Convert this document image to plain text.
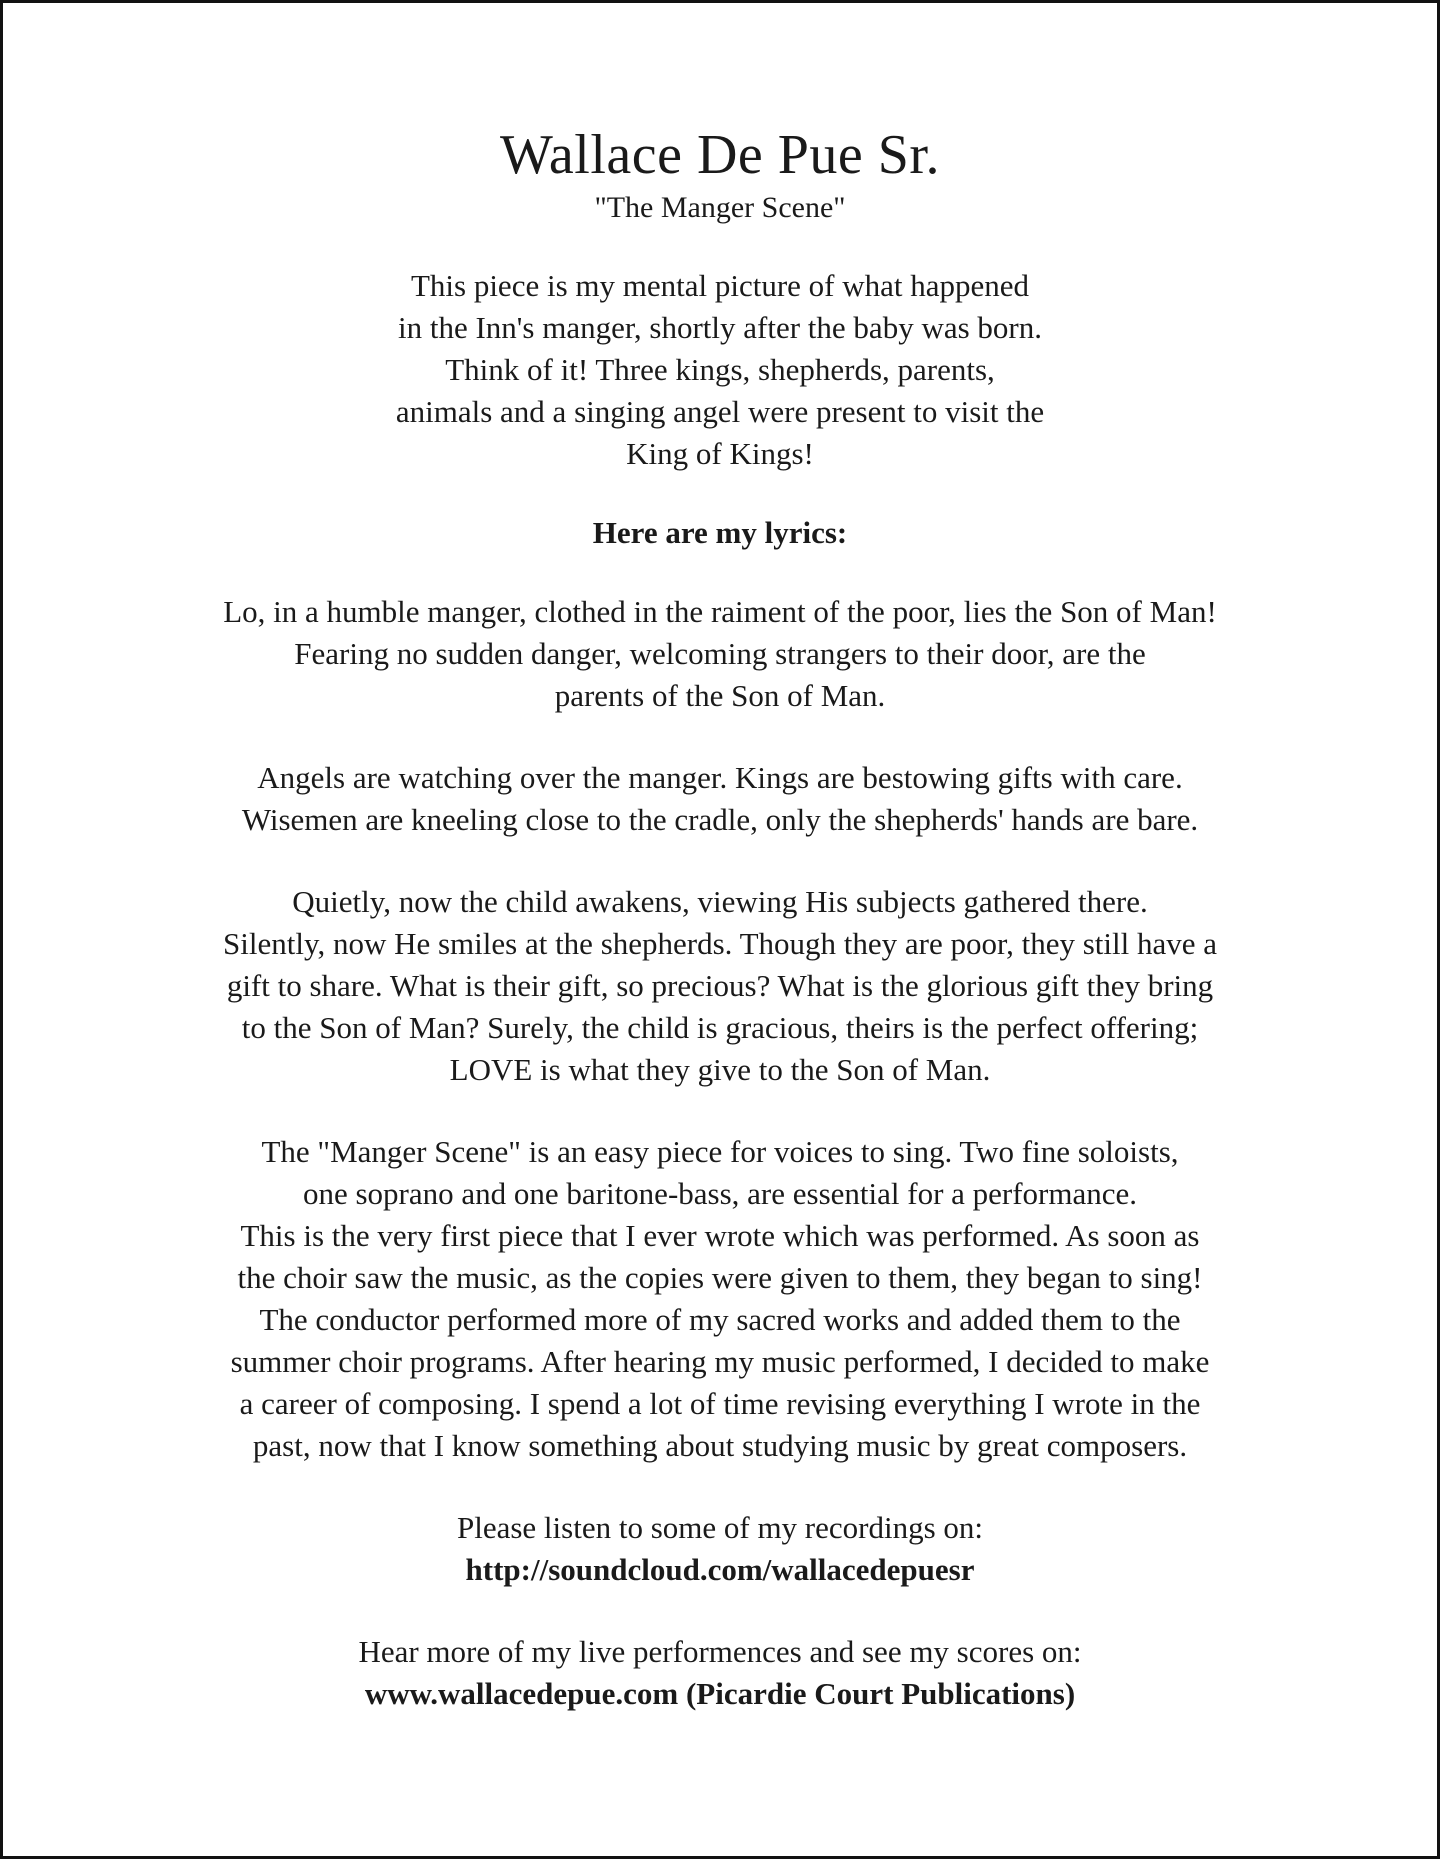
Wallace De Pue Sr.

"The Manger Scene"

This piece is my mental picture of what happened
in the Inn's manger, shortly after the baby was born.
Think of it! Three kings, shepherds, parents,
animals and a singing angel were present to visit the
King of Kings!

Here are my lyrics:

Lo, in a humble manger, clothed in the raiment of the poor, lies the Son of Man!
Fearing no sudden danger, welcoming strangers to their door, are the
parents of the Son of Man.

Angels are watching over the manger. Kings are bestowing gifts with care.
Wisemen are kneeling close to the cradle, only the shepherds' hands are bare.

Quietly, now the child awakens, viewing His subjects gathered there.
Silently, now He smiles at the shepherds. Though they are poor, they still have a
gift to share. What is their gift, so precious? What is the glorious gift they bring
to the Son of Man? Surely, the child is gracious, theirs is the perfect offering;
LOVE is what they give to the Son of Man.

The "Manger Scene" is an easy piece for voices to sing. Two fine soloists,
one soprano and one baritone-bass, are essential for a performance.
This is the very first piece that I ever wrote which was performed. As soon as
the choir saw the music, as the copies were given to them, they began to sing!
The conductor performed more of my sacred works and added them to the
summer choir programs. After hearing my music performed, I decided to make
a career of composing. I spend a lot of time revising everything I wrote in the
past, now that I know something about studying music by great composers.

Please listen to some of my recordings on:
http://soundcloud.com/wallacedepuesr

Hear more of my live performences and see my scores on:
www.wallacedepue.com (Picardie Court Publications)
